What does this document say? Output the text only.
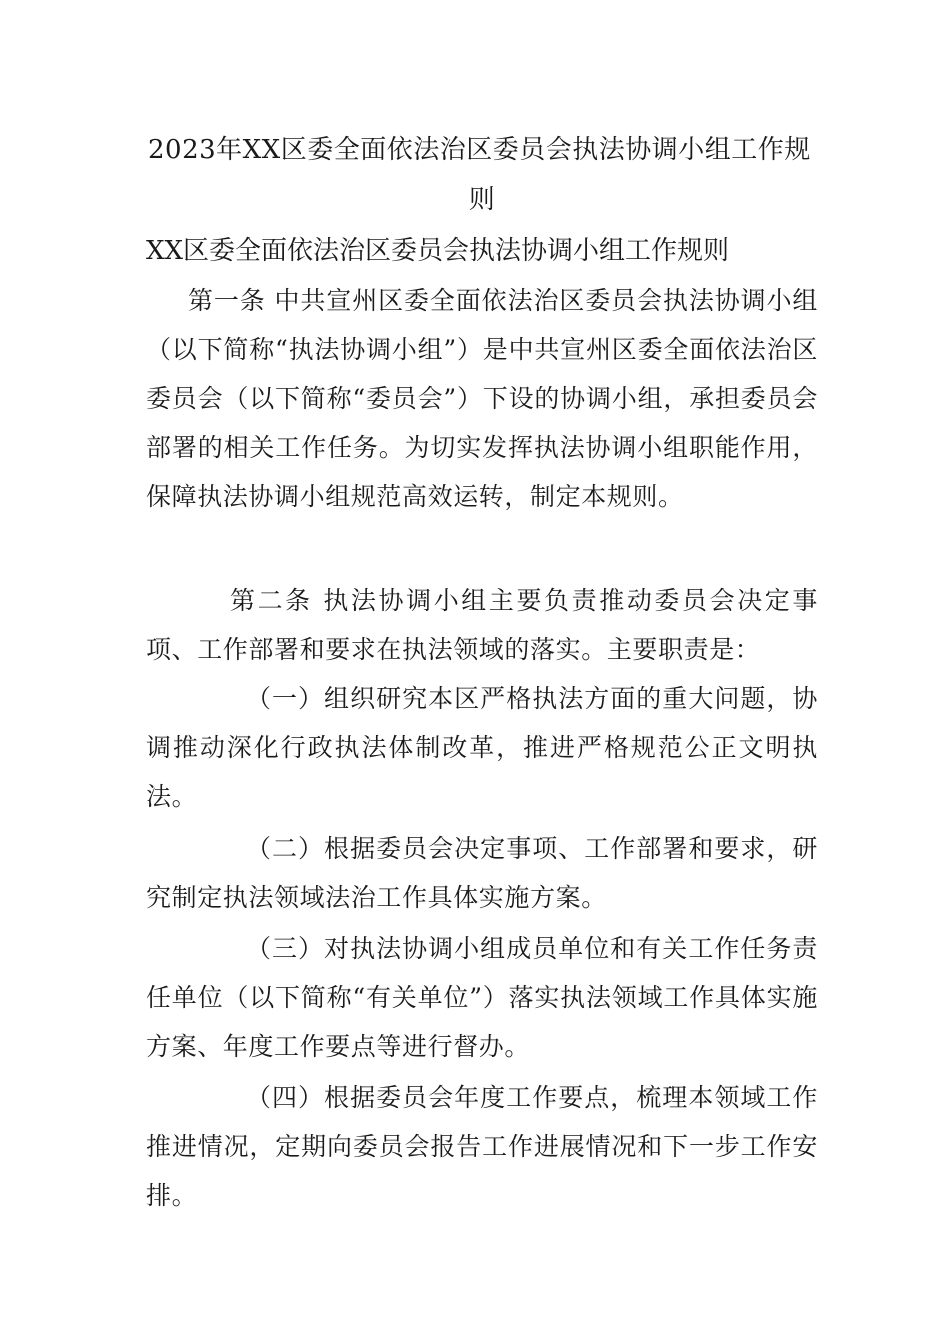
2023年XX区委全面依法治区委员会执法协调小组工作规
则
XX区委全面依法治区委员会执法协调小组工作规则

第一条 中共宣州区委全面依法治区委员会执法协调小组（以下简称“执法协调小组”）是中共宣州区委全面依法治区委员会（以下简称“委员会”）下设的协调小组，承担委员会部署的相关工作任务。为切实发挥执法协调小组职能作用，保障执法协调小组规范高效运转，制定本规则。

第二条 执法协调小组主要负责推动委员会决定事项、工作部署和要求在执法领域的落实。主要职责是：

（一）组织研究本区严格执法方面的重大问题，协调推动深化行政执法体制改革，推进严格规范公正文明执法。

（二）根据委员会决定事项、工作部署和要求，研究制定执法领域法治工作具体实施方案。

（三）对执法协调小组成员单位和有关工作任务责任单位（以下简称“有关单位”）落实执法领域工作具体实施方案、年度工作要点等进行督办。

（四）根据委员会年度工作要点，梳理本领域工作推进情况，定期向委员会报告工作进展情况和下一步工作安排。
